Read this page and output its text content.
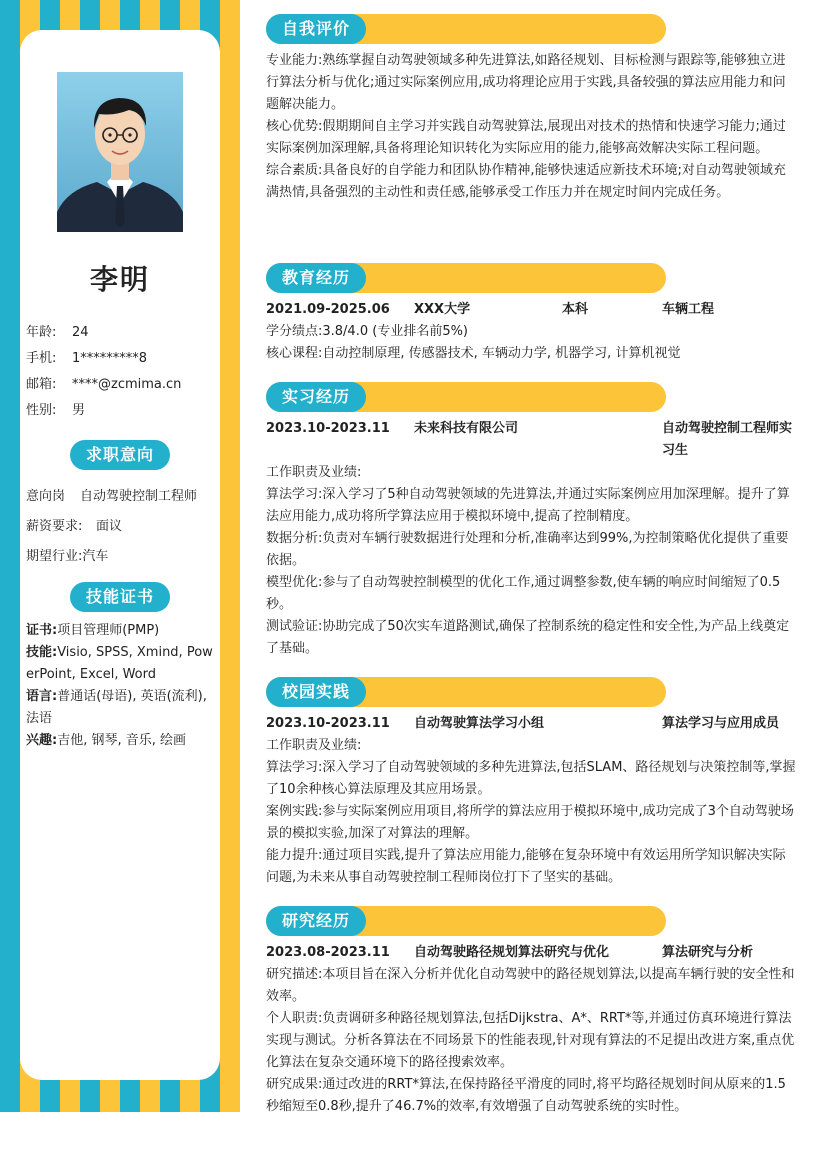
李明
年龄: 24
手机: 1*********8
邮箱: ****@zcmima.cn
性别: 男
求职意向
意向岗 自动驾驶控制工程师
薪资要求: 面议
期望行业:汽车
技能证书

证书:项目管理师(PMP)

技能:Visio, SPSS, Xmind, PowerPoint, Excel, Word

语言:普通话(母语), 英语(流利), 法语

兴趣:吉他, 钢琴, 音乐, 绘画

自我评价

专业能力:熟练掌握自动驾驶领域多种先进算法,如路径规划、目标检测与跟踪等,能够独立进行算法分析与优化;通过实际案例应用,成功将理论应用于实践,具备较强的算法应用能力和问题解决能力。

核心优势:假期期间自主学习并实践自动驾驶算法,展现出对技术的热情和快速学习能力;通过实际案例加深理解,具备将理论知识转化为实际应用的能力,能够高效解决实际工程问题。

综合素质:具备良好的自学能力和团队协作精神,能够快速适应新技术环境;对自动驾驶领域充满热情,具备强烈的主动性和责任感,能够承受工作压力并在规定时间内完成任务。

教育经历
2021.09-2025.06 XXX大学	本科	车辆工程

学分绩点:3.8/4.0 (专业排名前5%)

核心课程:自动控制原理, 传感器技术, 车辆动力学, 机器学习, 计算机视觉

实习经历
2023.10-2023.11 未来科技有限公司	自动驾驶控制工程师实习生

工作职责及业绩:

算法学习:深入学习了5种自动驾驶领域的先进算法,并通过实际案例应用加深理解。提升了算法应用能力,成功将所学算法应用于模拟环境中,提高了控制精度。

数据分析:负责对车辆行驶数据进行处理和分析,准确率达到99%,为控制策略优化提供了重要依据。

模型优化:参与了自动驾驶控制模型的优化工作,通过调整参数,使车辆的响应时间缩短了0.5秒。

测试验证:协助完成了50次实车道路测试,确保了控制系统的稳定性和安全性,为产品上线奠定了基础。

校园实践
2023.10-2023.11 自动驾驶算法学习小组	算法学习与应用成员

工作职责及业绩:

算法学习:深入学习了自动驾驶领域的多种先进算法,包括SLAM、路径规划与决策控制等,掌握了10余种核心算法原理及其应用场景。

案例实践:参与实际案例应用项目,将所学的算法应用于模拟环境中,成功完成了3个自动驾驶场景的模拟实验,加深了对算法的理解。

能力提升:通过项目实践,提升了算法应用能力,能够在复杂环境中有效运用所学知识解决实际问题,为未来从事自动驾驶控制工程师岗位打下了坚实的基础。

研究经历
2023.08-2023.11 自动驾驶路径规划算法研究与优化	算法研究与分析

研究描述:本项目旨在深入分析并优化自动驾驶中的路径规划算法,以提高车辆行驶的安全性和效率。

个人职责:负责调研多种路径规划算法,包括Dijkstra、A*、RRT*等,并通过仿真环境进行算法实现与测试。分析各算法在不同场景下的性能表现,针对现有算法的不足提出改进方案,重点优化算法在复杂交通环境下的路径搜索效率。

研究成果:通过改进的RRT*算法,在保持路径平滑度的同时,将平均路径规划时间从原来的1.5秒缩短至0.8秒,提升了46.7%的效率,有效增强了自动驾驶系统的实时性。
